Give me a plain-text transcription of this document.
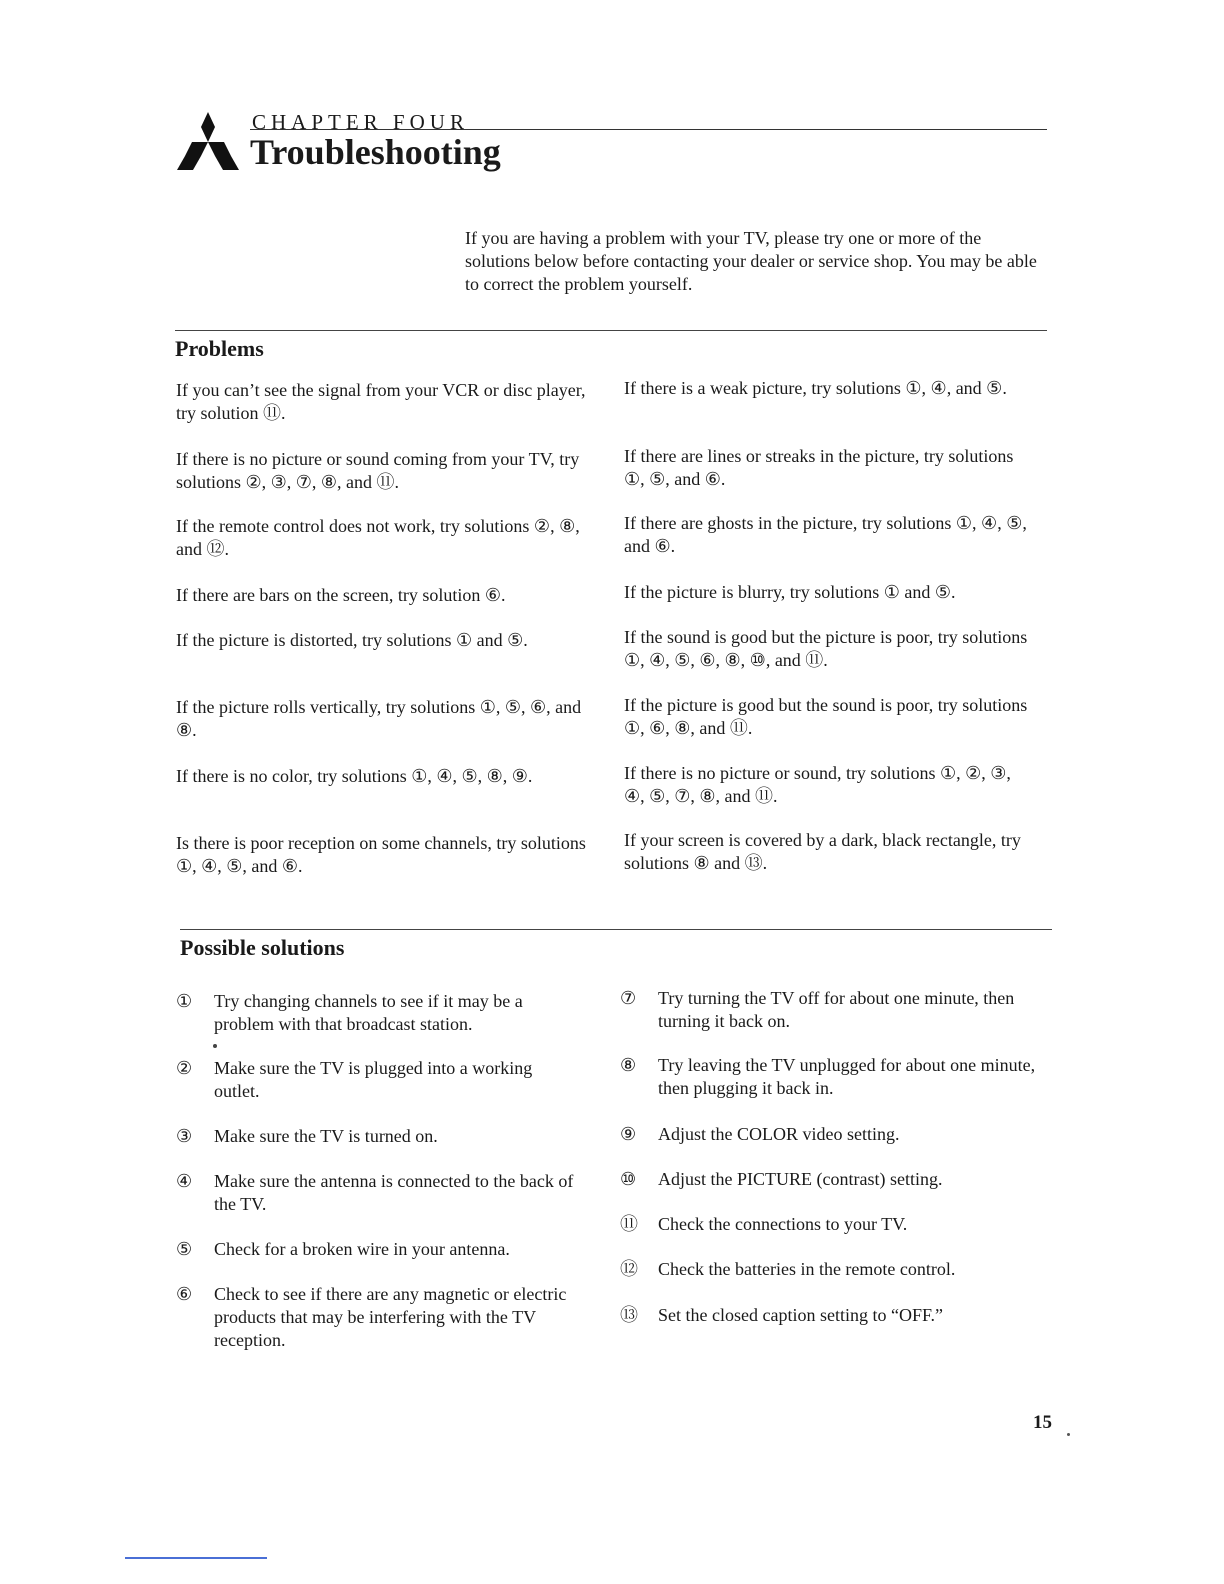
CHAPTER FOUR
Troubleshooting

If you are having a problem with your TV, please try one or more of the solutions below before contacting your dealer or service shop. You may be able to correct the problem yourself.

Problems

If you can’t see the signal from your VCR or disc player, try solution ⑪.

If there is no picture or sound coming from your TV, try solutions ②, ③, ⑦, ⑧, and ⑪.

If the remote control does not work, try solutions ②, ⑧, and ⑫.

If there are bars on the screen, try solution ⑥.

If the picture is distorted, try solutions ① and ⑤.

If the picture rolls vertically, try solutions ①, ⑤, ⑥, and ⑧.

If there is no color, try solutions ①, ④, ⑤, ⑧, ⑨.

Is there is poor reception on some channels, try solutions ①, ④, ⑤, and ⑥.

If there is a weak picture, try solutions ①, ④, and ⑤.

If there are lines or streaks in the picture, try solutions ①, ⑤, and ⑥.

If there are ghosts in the picture, try solutions ①, ④, ⑤, and ⑥.

If the picture is blurry, try solutions ① and ⑤.

If the sound is good but the picture is poor, try solutions ①, ④, ⑤, ⑥, ⑧, ⑩, and ⑪.

If the picture is good but the sound is poor, try solutions ①, ⑥, ⑧, and ⑪.

If there is no picture or sound, try solutions ①, ②, ③, ④, ⑤, ⑦, ⑧, and ⑪.

If your screen is covered by a dark, black rectangle, try solutions ⑧ and ⑬.

Possible solutions
①	Try changing channels to see if it may be a problem with that broadcast station.
②	Make sure the TV is plugged into a working outlet.
③	Make sure the TV is turned on.
④	Make sure the antenna is connected to the back of the TV.
⑤	Check for a broken wire in your antenna.
⑥	Check to see if there are any magnetic or electric products that may be interfering with the TV reception.
⑦	Try turning the TV off for about one minute, then turning it back on.
⑧	Try leaving the TV unplugged for about one minute, then plugging it back in.
⑨	Adjust the COLOR video setting.
⑩	Adjust the PICTURE (contrast) setting.
⑪	Check the connections to your TV.
⑫	Check the batteries in the remote control.
⑬	Set the closed caption setting to “OFF.”
15
